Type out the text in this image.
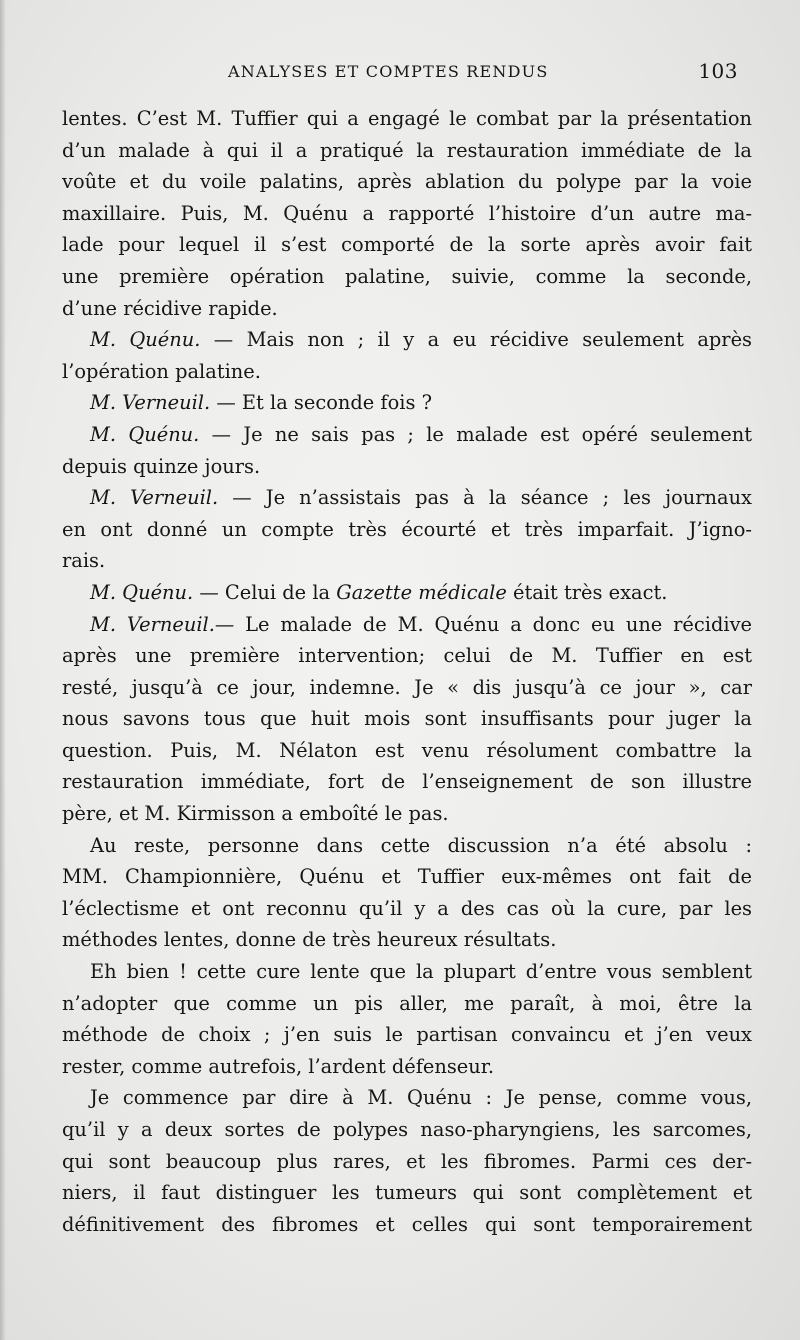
ANALYSES ET COMPTES RENDUS	103
lentes. C’est M. Tuffier qui a engagé le combat par la présentation
d’un malade à qui il a pratiqué la restauration immédiate de la
voûte et du voile palatins, après ablation du polype par la voie
maxillaire. Puis, M. Quénu a rapporté l’histoire d’un autre ma-
lade pour lequel il s’est comporté de la sorte après avoir fait
une première opération palatine, suivie, comme la seconde,
d’une récidive rapide.
M. Quénu. — Mais non ; il y a eu récidive seulement après
l’opération palatine.
M. Verneuil. — Et la seconde fois ?
M. Quénu. — Je ne sais pas ; le malade est opéré seulement
depuis quinze jours.
M. Verneuil. — Je n’assistais pas à la séance ; les journaux
en ont donné un compte très écourté et très imparfait. J’igno-
rais.
M. Quénu. — Celui de la Gazette médicale était très exact.
M. Verneuil.— Le malade de M. Quénu a donc eu une récidive
après une première intervention; celui de M. Tuffier en est
resté, jusqu’à ce jour, indemne. Je « dis jusqu’à ce jour », car
nous savons tous que huit mois sont insuffisants pour juger la
question. Puis, M. Nélaton est venu résolument combattre la
restauration immédiate, fort de l’enseignement de son illustre
père, et M. Kirmisson a emboîté le pas.
Au reste, personne dans cette discussion n’a été absolu :
MM. Championnière, Quénu et Tuffier eux-mêmes ont fait de
l’éclectisme et ont reconnu qu’il y a des cas où la cure, par les
méthodes lentes, donne de très heureux résultats.
Eh bien ! cette cure lente que la plupart d’entre vous semblent
n’adopter que comme un pis aller, me paraît, à moi, être la
méthode de choix ; j’en suis le partisan convaincu et j’en veux
rester, comme autrefois, l’ardent défenseur.
Je commence par dire à M. Quénu : Je pense, comme vous,
qu’il y a deux sortes de polypes naso-pharyngiens, les sarcomes,
qui sont beaucoup plus rares, et les fibromes. Parmi ces der-
niers, il faut distinguer les tumeurs qui sont complètement et
définitivement des fibromes et celles qui sont temporairement
